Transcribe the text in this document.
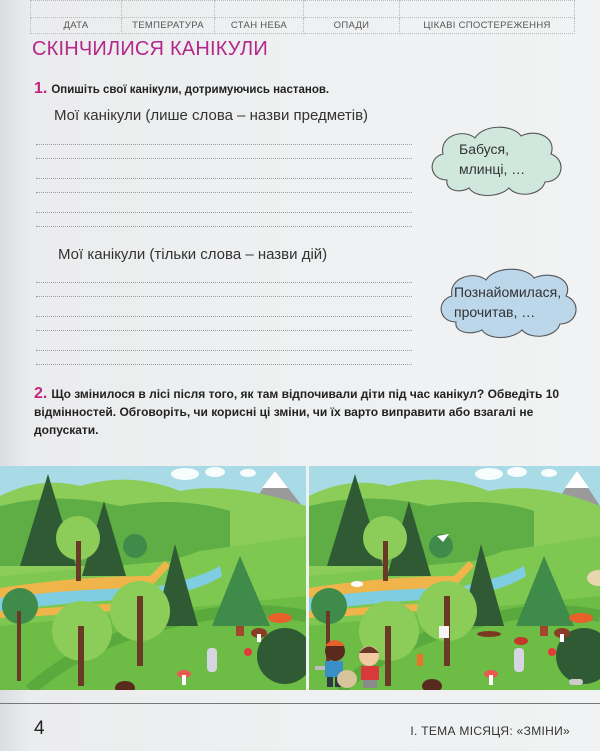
ДАТА	ТЕМПЕРАТУРА	СТАН НЕБА	ОПАДИ	ЦІКАВІ СПОСТЕРЕЖЕННЯ
СКІНЧИЛИСЯ КАНІКУЛИ
1. Опишіть свої канікули, дотримуючись настанов.
Мої канікули (лише слова – назви предметів)
Бабуся,
млинці, …
Мої канікули (тільки слова – назви дій)
Познайомилася,
прочитав, …
2. Що змінилося в лісі після того, як там відпочивали діти під час канікул? Обведіть 10 відмінностей. Обговоріть, чи корисні ці зміни, чи їх варто виправити або взагалі не допускати.
4	І. ТЕМА МІСЯЦЯ: «ЗМІНИ»
